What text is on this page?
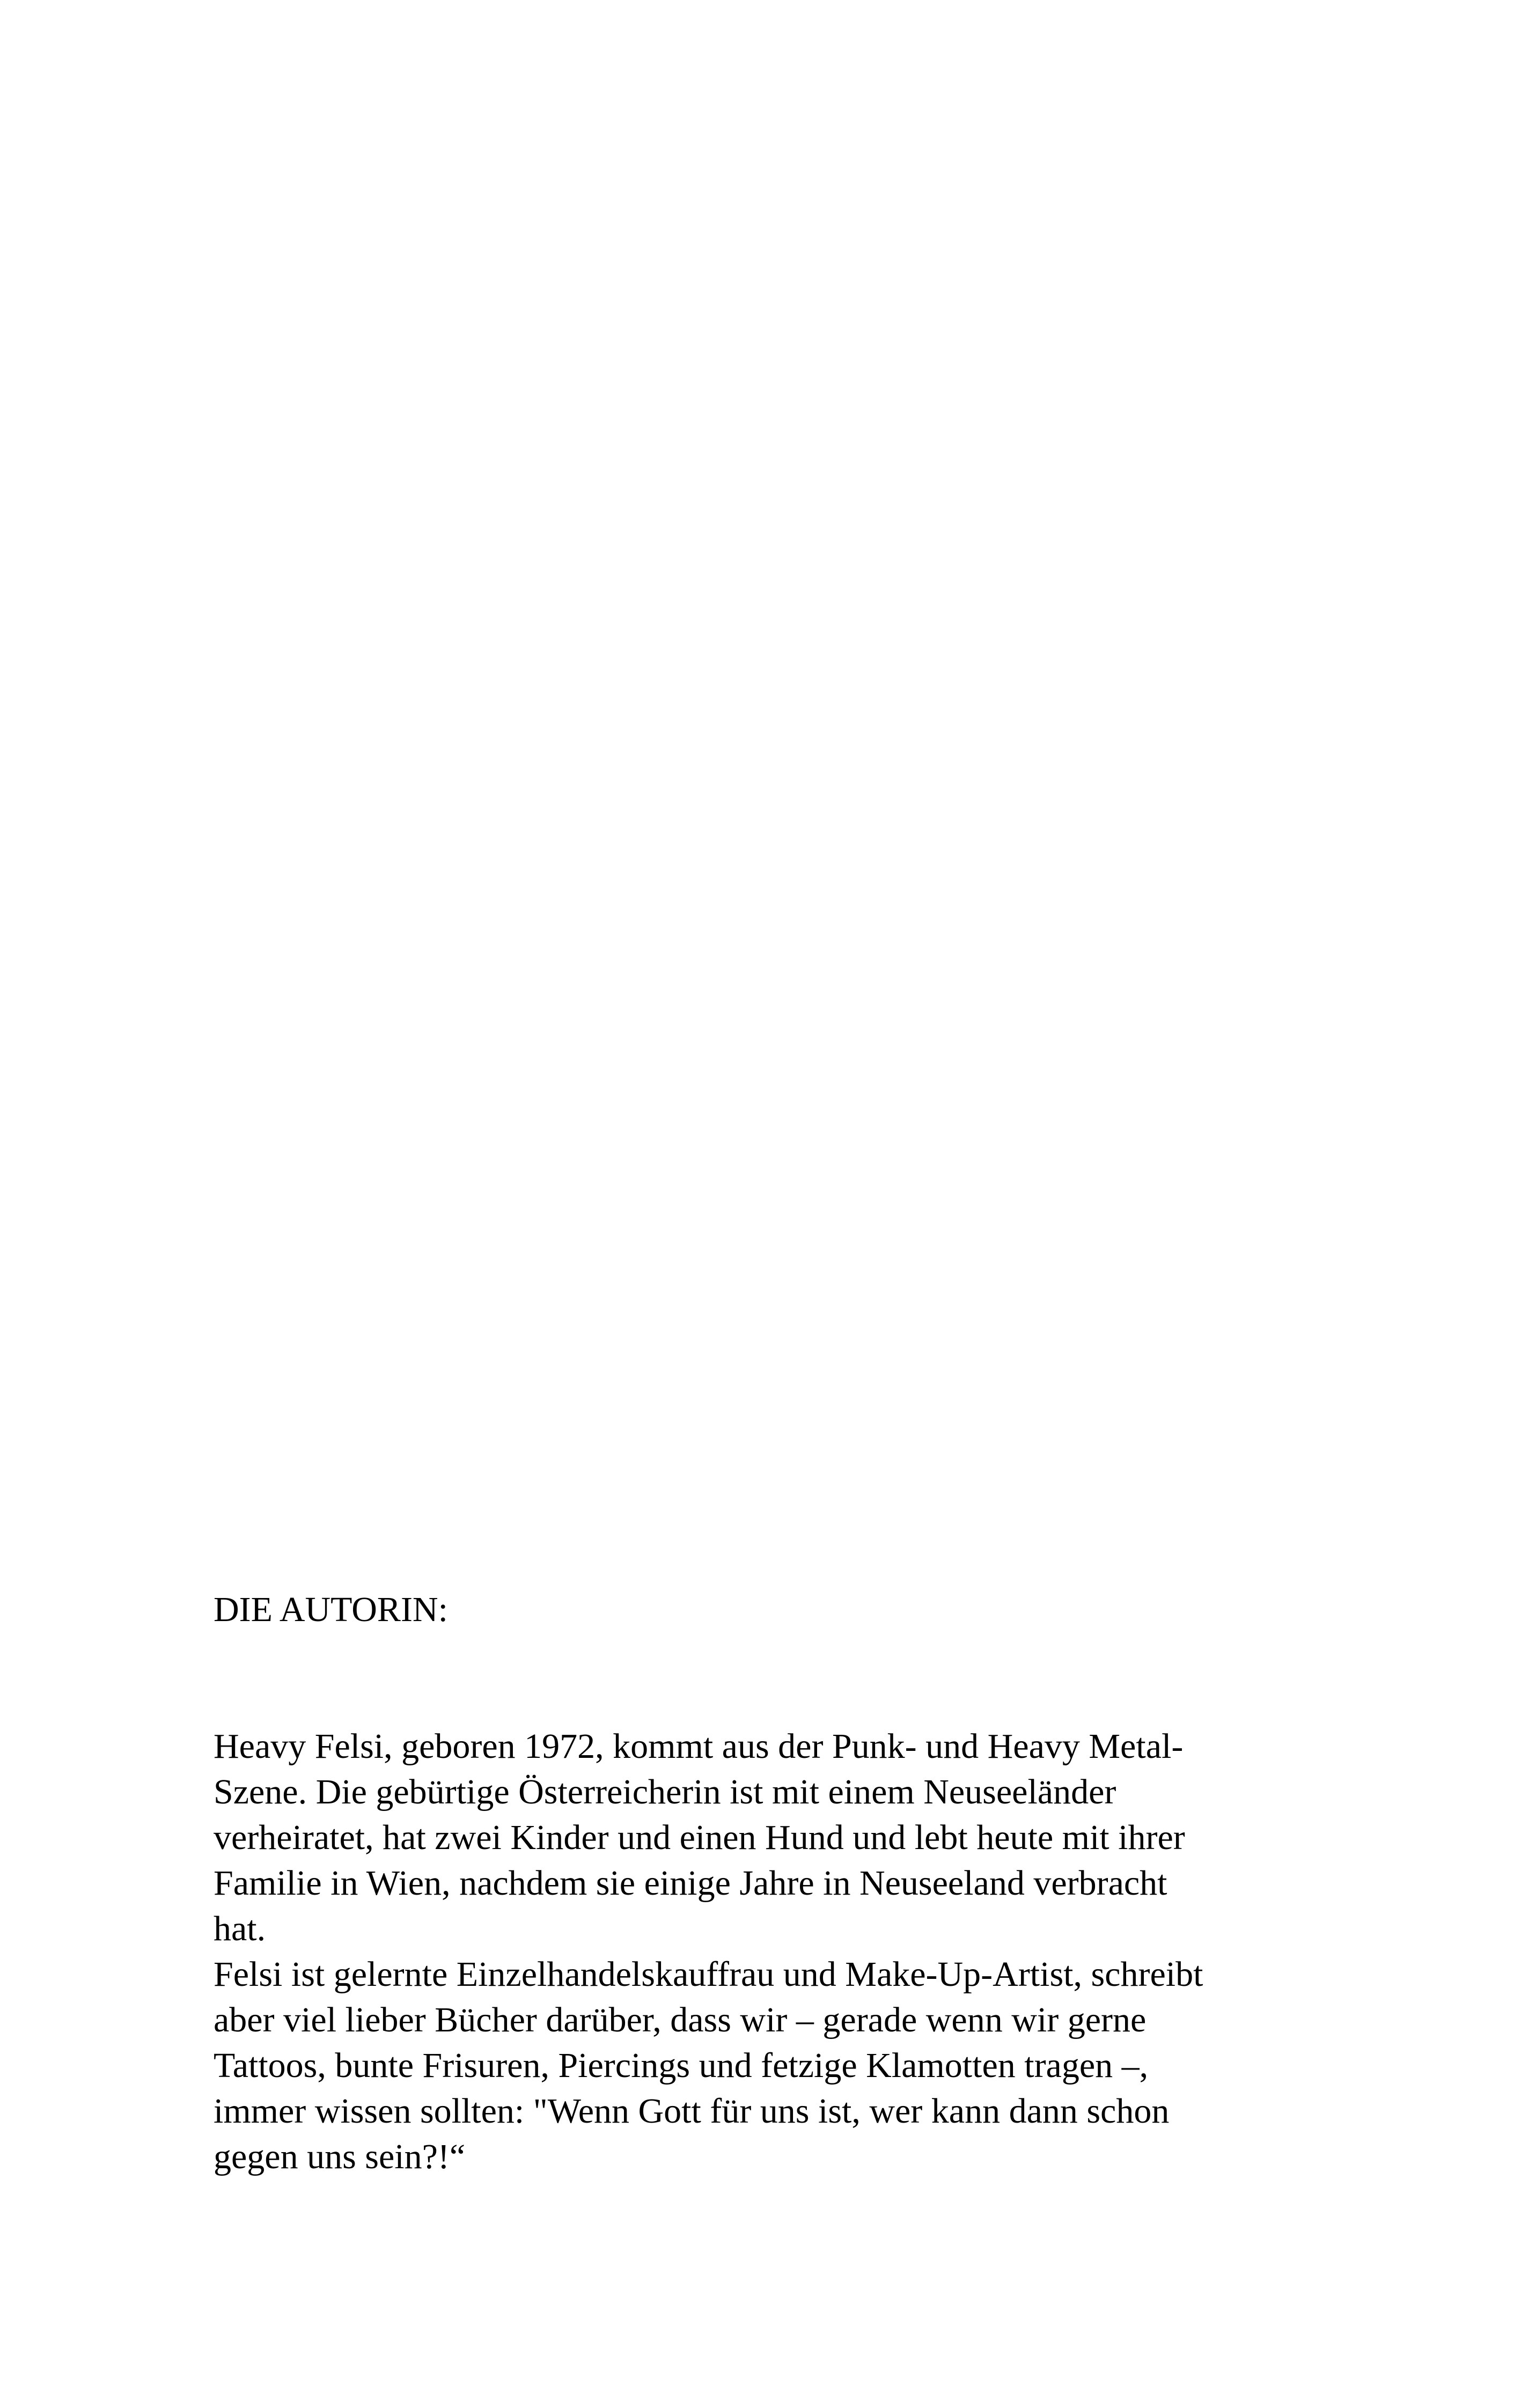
DIE AUTORIN:
Heavy Felsi, geboren 1972, kommt aus der Punk- und Heavy Metal-
Szene. Die gebürtige Österreicherin ist mit einem Neuseeländer
verheiratet, hat zwei Kinder und einen Hund und lebt heute mit ihrer
Familie in Wien, nachdem sie einige Jahre in Neuseeland verbracht
hat.
Felsi ist gelernte Einzelhandelskauffrau und Make-Up-Artist, schreibt
aber viel lieber Bücher darüber, dass wir – gerade wenn wir gerne
Tattoos, bunte Frisuren, Piercings und fetzige Klamotten tragen –,
immer wissen sollten: "Wenn Gott für uns ist, wer kann dann schon
gegen uns sein?!“
